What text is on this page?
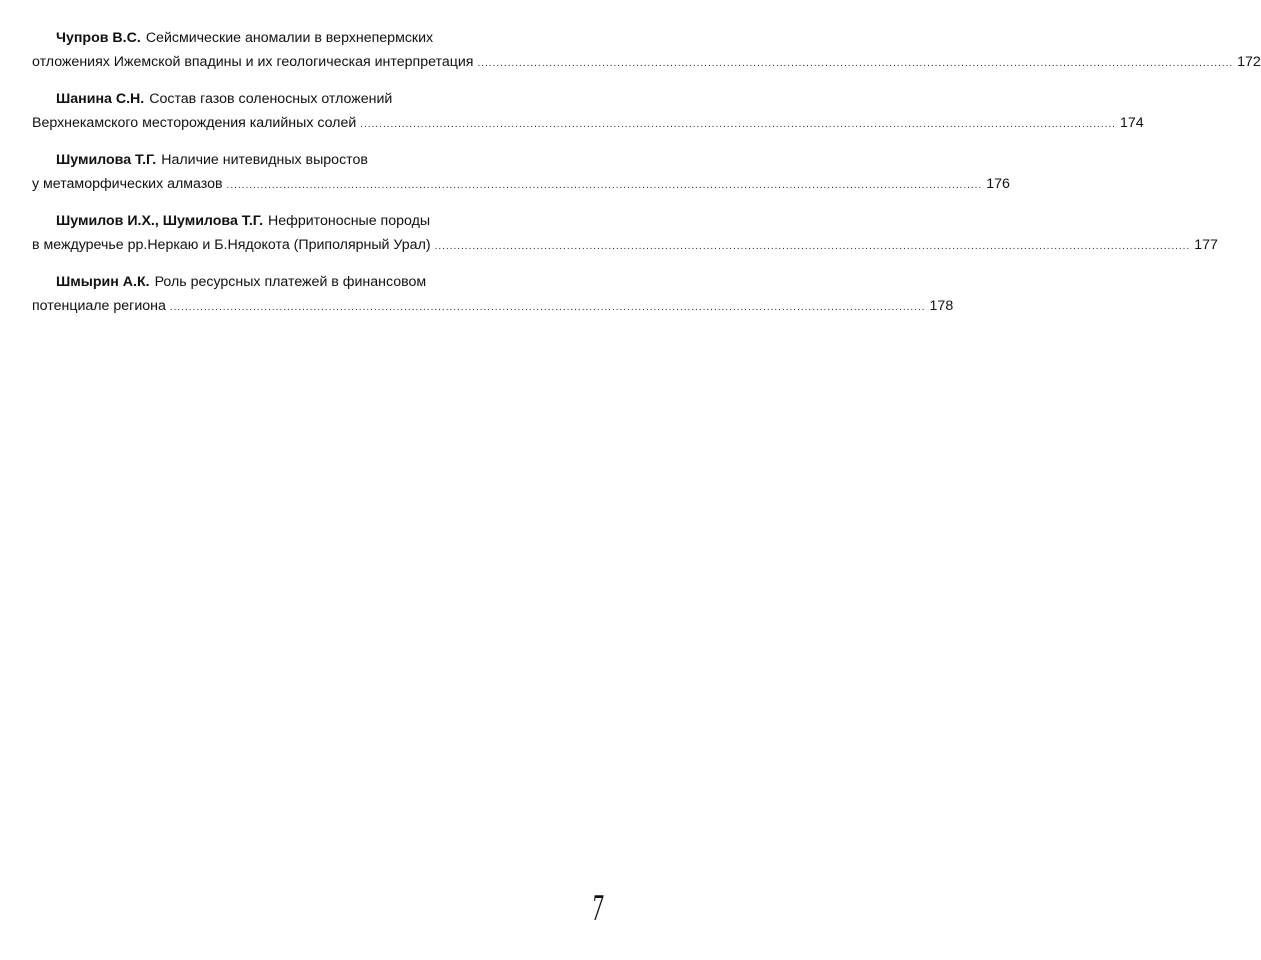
Чупров В.С. Сейсмические аномалии в верхнепермских
отложениях Ижемской впадины и их геологическая интерпретация ........................................................................................................................................................................................................ 172
Шанина С.Н. Состав газов соленосных отложений
Верхнекамского месторождения калийных солей ........................................................................................................................................................................................................ 174
Шумилова Т.Г. Наличие нитевидных выростов
у метаморфических алмазов ........................................................................................................................................................................................................ 176
Шумилов И.Х., Шумилова Т.Г. Нефритоносные породы
в междуречье рр.Неркаю и Б.Нядокота (Приполярный Урал) ........................................................................................................................................................................................................ 177
Шмырин А.К. Роль ресурсных платежей в финансовом
потенциале региона ........................................................................................................................................................................................................ 178
7
